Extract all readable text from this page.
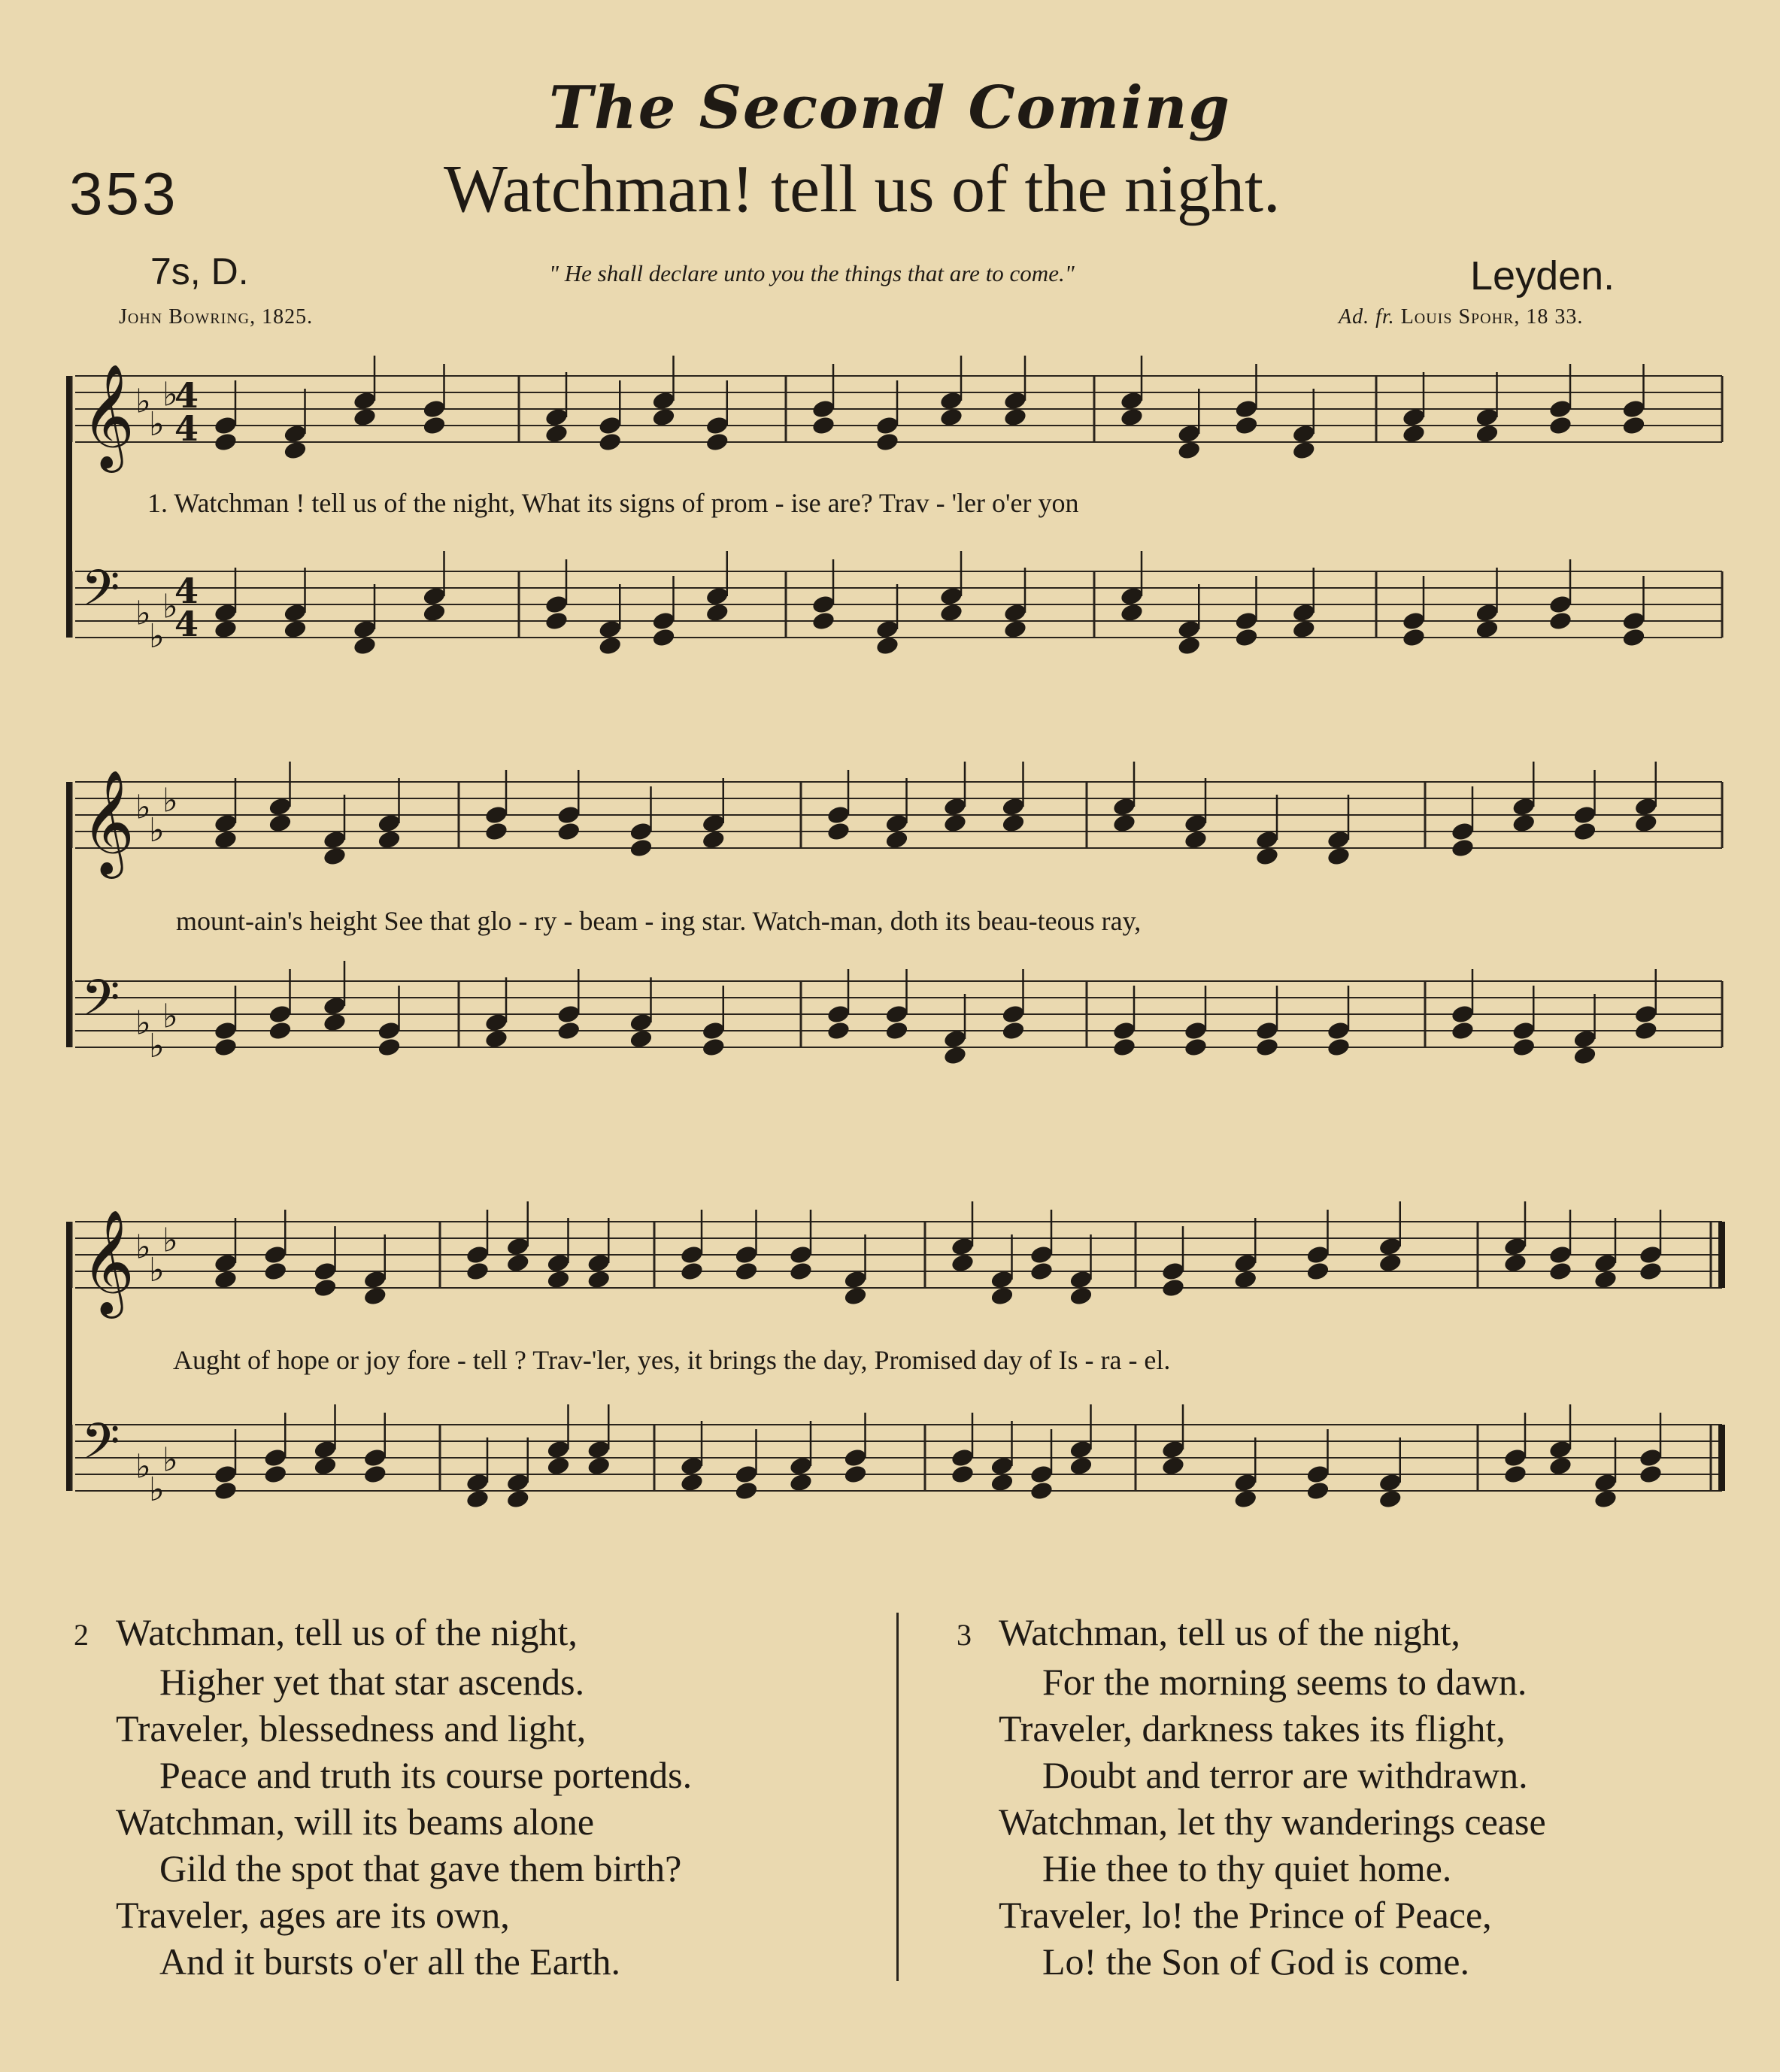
The Second Coming
353	Watchman! tell us of the night.
7s, D.	" He shall declare unto you the things that are to come."	Leyden.
John Bowring, 1825.	Ad. fr. Louis Spohr, 18 33.
𝄞 ♭
♭
♭
4
4
𝄢 ♭
♭
♭
4
4
1. Watchman ! tell us of the night, What its signs of prom - ise are? Trav - 'ler o'er yon
𝄞 ♭
♭
♭
𝄢 ♭
♭
♭
mount-ain's height See that glo - ry - beam - ing star. Watch-man, doth its beau-teous ray,
𝄞 ♭
♭
♭
𝄢 ♭
♭
♭
Aught of hope or joy fore - tell ? Trav-'ler, yes, it brings the day, Promised day of Is - ra - el.
2 Watchman, tell us of the night,
Higher yet that star ascends.
Traveler, blessedness and light,
Peace and truth its course portends.
Watchman, will its beams alone
Gild the spot that gave them birth?
Traveler, ages are its own,
And it bursts o'er all the Earth.
3 Watchman, tell us of the night,
For the morning seems to dawn.
Traveler, darkness takes its flight,
Doubt and terror are withdrawn.
Watchman, let thy wanderings cease
Hie thee to thy quiet home.
Traveler, lo! the Prince of Peace,
Lo! the Son of God is come.
